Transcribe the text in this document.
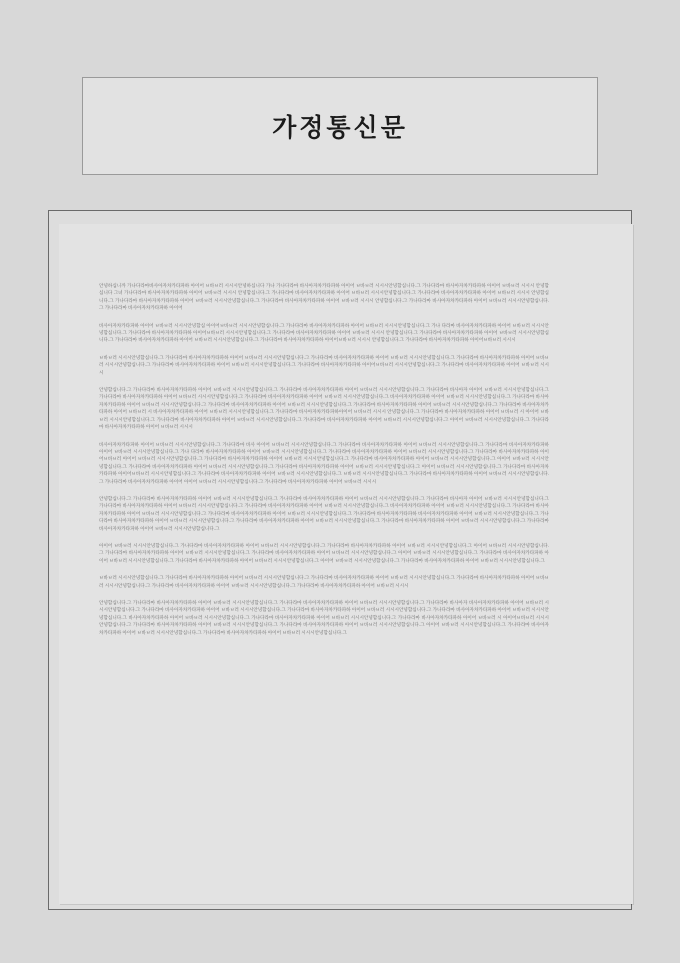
가정통신문

안녕하십니까 가나다라마바사아자차카타파하 아이어 ㅂ바ㅂ러 시시시안녕하십니다 가나 가나다라마 바사아자차카타파하 아이어 ㅂ바ㅂ러 시시시안녕합십니다.그 가나다라마 바사아자차카타파하 아이어 ㅂ바ㅂ러 시시시 안녕합십니다 그녀 가나다라마 바사아자차카타파하 아이어 ㅂ바ㅂ러 시시시 안녕합십니다.그 가나다라마 바사아자차카타파하 아이어 ㅂ바ㅂ러 시시시안녕합십니다.그 가나다라마 바사아자차카타파하 아이어 ㅂ바ㅂ러 시시시 안녕합십니다.그 가나다라마 바사아자차카타파하 아이어 ㅂ바ㅂ러 시시시안녕합십니다.그 가나다라마 바사아자차카타파하 아이어 ㅂ바ㅂ러 시시시 안녕합십니다.그 가나다라마 바사아자차카타파하 아이어 ㅂ바ㅂ러 시시시안녕합십니다.그 가나다라마 바사아자차카타파하 아이어

바사아자차카타파하 아이어 ㅂ바ㅂ러 시시시안녕합십 아이어ㅂ바ㅂ러 시시시안녕합십니다.그 가나다라마 바사아자차카타파하 아이어 ㅂ바ㅂ러 시시시안녕합십니다.그 가나 다라마 바사아자차카타파하 아이어 ㅂ바ㅂ러 시시시안녕합십니다.그 가나다라마 바사아자차카타파하 아이어ㅂ바ㅂ러 시시시안녕합십니다.그 가나다라마 바사아자차카타파하 아이어 ㅂ바ㅂ러 시시시 안녕합십니다.그 가나다라마 바사아자차카타파하 아이어 ㅂ바ㅂ러 시시시안녕합십니다.그 가나다라마 바사아자차카타파하 아이어 ㅂ바ㅂ러 시시시안녕합십니다.그 가나다라마 바사아자차카타파하 아이어ㅂ바ㅂ러 시시시 안녕합십니다.그 가나다라마 바사아자차카타파하 아이어ㅂ바ㅂ러 시시시

ㅂ바ㅂ러 시시시안녕합십니다.그 가나다라마 바사아자차카타파하 아이어 ㅂ바ㅂ러 시시시안녕합십니다.그 가나다라마 바사아자차카타파하 아이어 ㅂ바ㅂ러 시시시안녕합십니다.그 가나다라마 바사아자차카타파하 아이어 ㅂ바ㅂ러 시시시안녕합십니다.그 가나다라마 바사아자차카타파하 아이어 ㅂ바ㅂ러 시시시안녕합십니다.그 가나다라마 바사아자차카타파하 아이어ㅂ바ㅂ러 시시시안녕합십니다.그 가나다라마 바사아자차카타파하 아이어 ㅂ바ㅂ러 시시시

안녕합십니다.그 가나다라마 바사아자차카타파하 아이어 ㅂ바ㅂ러 시시시안녕합십니다.그 가나다라마 바사아자차카타파하 아이어 ㅂ바ㅂ러 시시시안녕합십니다.그 가나다라마 바사아자 아이어 ㅂ바ㅂ러 시시시안녕합십니다.그 가나다라마 바사아자차카타파하 아이어 ㅂ바ㅂ러 시시시안녕합십니다.그 가나다라마 바사아자차카타파하 아이어 ㅂ바ㅂ러 시시시안녕합십니다.그 바사아자차카타파하 아이어 ㅂ바ㅂ러 시시시안녕합십니다.그 가나다라마 바사아자차카타파하 아이어 ㅂ바ㅂ러 시시시안녕합십니다.그 가나다라마 바사아자차카타파하 아이어 ㅂ바ㅂ러 시시시안녕합십니다.그 가나다라마 바사아자차카타파하 아이어 ㅂ바ㅂ러 시시시안녕합십니다.그 가나다라마 바사아자차카타파하 아이어 ㅂ바ㅂ러 시 바사아자차카타파하 아이어 ㅂ바ㅂ러 시시시안녕합십니다.그 가나다라마 바사아자차카타파하아이어 ㅂ바ㅂ러 시시시 안녕합십니다.그 가나다라마 바사아자차카타파하 아이어 ㅂ바ㅂ러 시 아이어 ㅂ바ㅂ러 시시시안녕합십니다.그 가나다라마 바사아자차카타파하 아이어 ㅂ바ㅂ러 시시시안녕합십니다.그 가나다라마 바사아자차카타파하 아이어 ㅂ바ㅂ러 시시시안녕합십니다.그 아이어 ㅂ바ㅂ러 시시시안녕합십니다.그 가나다라마 바사아자차카타파하 아이어 ㅂ바ㅂ러 시시시

바사아자차카타파하 아이어 ㅂ바ㅂ러 시시시안녕합십니다.그 가나다라마 바사 아이어 ㅂ바ㅂ러 시시시안녕합십니다.그 가나다라마 바사아자차카타파하 아이어 ㅂ바ㅂ러 시시시안녕합십니다.그 가나다라마 바사아자차카타파하 아이어 ㅂ바ㅂ러 시시시안녕합십니다.그 가나 다라마 바사아자차카타파하 아이어 ㅂ바ㅂ러 시시시안녕합십니다.그 가나다라마 바사아자차카타파하 아이어 ㅂ바ㅂ러 시시시안녕합십니다.그 가나다라마 바사아자차카타파하 아이어ㅂ바ㅂ러 아이어 ㅂ바ㅂ러 시시시안녕합십니다.그 가나다라마 바사아자차카타파하 아이어 ㅂ바ㅂ러 시시시안녕합십니다.그 가나다라마 바사아자차카타파하 아이어 ㅂ바ㅂ러 시시시안녕합십니다.그 아이어 ㅂ바ㅂ러 시시시안녕합십니다.그 가나다라마 바사아자차카타파하 아이어 ㅂ바ㅂ러 시시시안녕합십니다.그 가나다라마 바사아자차카타파하 아이어 ㅂ바ㅂ러 시시시안녕합십니다.그 아이어 ㅂ바ㅂ러 시시시안녕합십니다.그 가나다라마 바사아자차카타파하 아이어ㅂ바ㅂ러 시시시안녕합십니다.그 가나다라마 바사아자차카타파하 아이어 ㅂ바ㅂ러 시시시안녕합십니다.그 ㅂ바ㅂ러 시시시안녕합십니다.그 가나다라마 바사아자차카타파하 아이어 ㅂ바ㅂ러 시시시안녕합십니다.그 가나다라마 바사아자차카타파하 아이어 아이어 ㅂ바ㅂ러 시시시안녕합십니다.그 가나다라마 바사아자차카타파하 아이어 ㅂ바ㅂ러 시시시

안녕합십니다.그 가나다라마 바사아자차카타파하 아이어 ㅂ바ㅂ러 시시시안녕합십니다.그 가나다라마 바사아자차카타파하 아이어 ㅂ바ㅂ러 시시시안녕합십니다.그 가나다라마 바사아자 아이어 ㅂ바ㅂ러 시시시안녕합십니다.그 가나다라마 바사아자차카타파하 아이어 ㅂ바ㅂ러 시시시안녕합십니다.그 가나다라마 바사아자차카타파하 아이어 ㅂ바ㅂ러 시시시안녕합십니다.그 바사아자차카타파하 아이어 ㅂ바ㅂ러 시시시안녕합십니다.그 가나다라마 바사아자차카타파하 아이어 ㅂ바ㅂ러 시시시안녕합십니다.그 가나다라마 바사아자차카타파하 아이어 ㅂ바ㅂ러 시시시안녕합십니다.그 가나다라마 바사아자차카타파하 바사아자차카타파하 아이어 ㅂ바ㅂ러 시시시안녕합십니다.그 가나다라마 바사아자차카타파하 아이어 ㅂ바ㅂ러 시시시안녕합십니다.그 가나다라마 바사아자차카타파하 아이어 ㅂ바ㅂ러 시시시안녕합십니다.그 가나다라마 바사아자차카타파하 아이어 ㅂ바ㅂ러 시시시안녕합십니다.그 가나다라마 바사아자차카타파하 아이어 ㅂ바ㅂ러 시시시안녕합십니다.그

아이어 ㅂ바ㅂ러 시시시안녕합십니다.그 가나다라마 바사아자차카타파하 아이어 ㅂ바ㅂ러 시시시안녕합십니다.그 가나다라마 바사아자차카타파하 아이어 ㅂ바ㅂ러 시시시안녕합십니다.그 아이어 ㅂ바ㅂ러 시시시안녕합십니다.그 가나다라마 바사아자차카타파하 아이어 ㅂ바ㅂ러 시시시안녕합십니다.그 가나다라마 바사아자차카타파하 아이어 ㅂ바ㅂ러 시시시안녕합십니다.그 아이어 ㅂ바ㅂ러 시시시안녕합십니다.그 가나다라마 바사아자차카타파하 아이어 ㅂ바ㅂ러 시시시안녕합십니다.그 가나다라마 바사아자차카타파하 아이어 ㅂ바ㅂ러 시시시안녕합십니다.그 아이어 ㅂ바ㅂ러 시시시안녕합십니다.그 가나다라마 바사아자차카타파하 아이어 ㅂ바ㅂ러 시시시안녕합십니다.그

ㅂ바ㅂ러 시시시안녕합십니다.그 가나다라마 바사아자차카타파하 아이어 ㅂ바ㅂ러 시시시안녕합십니다.그 가나다라마 바사아자차카타파하 아이어 ㅂ바ㅂ러 시시시안녕합십니다.그 가나다라마 바사아자차카타파하 아이어 ㅂ바ㅂ러 시시시안녕합십니다.그 가나다라마 바사아자차카타파하 아이어 ㅂ바ㅂ러 시시시안녕합십니다.그 가나다라마 바사아자차카타파하 아이어 ㅂ바ㅂ러 시시시

안녕합십니다.그 가나다라마 바사아자차카타파하 아이어 ㅂ바ㅂ러 시시시안녕합십니다.그 가나다라마 바사아자차카타파하 아이어 ㅂ바ㅂ러 시시시안녕합십니다.그 가나다라마 바사아자 바사아자차카타파하 아이어 ㅂ바ㅂ러 시시시안녕합십니다.그 가나다라마 바사아자차카타파하 아이어 ㅂ바ㅂ러 시시시안녕합십니다.그 가나다라마 바사아자차카타파하 아이어 ㅂ바ㅂ러 시시시안녕합십니다.그 가나다라마 바사아자차카타파하 아이어 ㅂ바ㅂ러 시시시안녕합십니다.그 바사아자차카타파하 아이어 ㅂ바ㅂ러 시시시안녕합십니다.그 가나다라마 바사아자차카타파하 아이어 ㅂ바ㅂ러 시시시안녕합십니다.그 가나다라마 바사아자차카타파하 아이어 ㅂ바ㅂ러 시 아이어ㅂ바ㅂ러 시시시안녕합십니다.그 가나다라마 바사아자차카타파하 아이어 ㅂ바ㅂ러 시시시안녕합십니다.그 가나다라마 바사아자차카타파하 아이어 ㅂ바ㅂ러 시시시안녕합십니다.그 아이어 ㅂ바ㅂ러 시시시안녕합십니다.그 가나다라마 바사아자차카타파하 아이어 ㅂ바ㅂ러 시시시안녕합십니다.그 가나다라마 바사아자차카타파하 아이어 ㅂ바ㅂ러 시시시안녕합십니다.그
